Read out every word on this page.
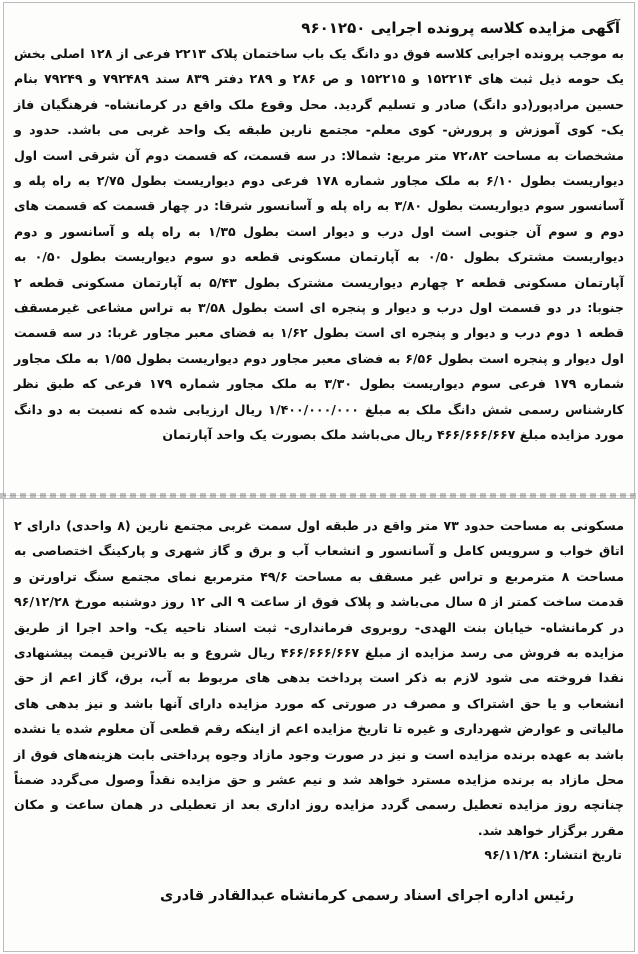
آگهی مزایده کلاسه پرونده اجرایی ۹۶۰۱۲۵۰

به موجب پرونده اجرایی کلاسه فوق دو دانگ یک باب ساختمان پلاک ۲۲۱۳ فرعی از ۱۲۸ اصلی بخش یک حومه ذیل ثبت های ۱۵۲۲۱۴ و ۱۵۲۲۱۵ و ص ۲۸۶ و ۲۸۹ دفتر ۸۳۹ سند ۷۹۲۴۸۹ و ۷۹۲۴۹ بنام حسین مرادپور(دو دانگ) صادر و تسلیم گردید. محل وقوع ملک واقع در کرمانشاه- فرهنگیان فاز یک- کوی آموزش و پرورش- کوی معلم- مجتمع نارین طبقه یک واحد غربی می باشد. حدود و مشخصات به مساحت ۷۲،۸۲ متر مربع: شمالا: در سه قسمت، که قسمت دوم آن شرقی است اول دیواریست بطول ۶/۱۰ به ملک مجاور شماره ۱۷۸ فرعی دوم دیواریست بطول ۲/۷۵ به راه پله و آسانسور سوم دیواریست بطول ۳/۸۰ به راه پله و آسانسور شرقا: در چهار قسمت که قسمت های دوم و سوم آن جنوبی است اول درب و دیوار است بطول ۱/۳۵ به راه پله و آسانسور و دوم دیواریست مشترک بطول ۰/۵۰ به آپارتمان مسکونی قطعه دو سوم دیواریست بطول ۰/۵۰ به آپارتمان مسکونی قطعه ۲ چهارم دیواریست مشترک بطول ۵/۴۳ به آپارتمان مسکونی قطعه ۲ جنوبا: در دو قسمت اول درب و دیوار و پنجره ای است بطول ۳/۵۸ به تراس مشاعی غیرمسقف قطعه ۱ دوم درب و دیوار و پنجره ای است بطول ۱/۶۲ به فضای معبر مجاور غربا: در سه قسمت اول دیوار و پنجره است بطول ۶/۵۶ به فضای معبر مجاور دوم دیواریست بطول ۱/۵۵ به ملک مجاور شماره ۱۷۹ فرعی سوم دیواریست بطول ۳/۳۰ به ملک مجاور شماره ۱۷۹ فرعی که طبق نظر کارشناس رسمی شش دانگ ملک به مبلغ ۱/۴۰۰/۰۰۰/۰۰۰ ریال ارزیابی شده که نسبت به دو دانگ مورد مزایده مبلغ ۴۶۶/۶۶۶/۶۶۷ ریال می‌باشد ملک بصورت یک واحد آپارتمان

مسکونی به مساحت حدود ۷۳ متر واقع در طبقه اول سمت غربی مجتمع نارین (۸ واحدی) دارای ۲ اتاق خواب و سرویس کامل و آسانسور و انشعاب آب و برق و گاز شهری و پارکینگ اختصاصی به مساحت ۸ مترمربع و تراس غیر مسقف به مساحت ۴۹/۶ مترمربع نمای مجتمع سنگ تراورتن و قدمت ساخت کمتر از ۵ سال می‌باشد و پلاک فوق از ساعت ۹ الی ۱۲ روز دوشنبه مورخ ۹۶/۱۲/۲۸ در کرمانشاه- خیابان بنت الهدی- روبروی فرمانداری- ثبت اسناد ناحیه یک- واحد اجرا از طریق مزایده به فروش می رسد مزایده از مبلغ ۴۶۶/۶۶۶/۶۶۷ ریال شروع و به بالاترین قیمت پیشنهادی نقدا فروخته می شود لازم به ذکر است پرداخت بدهی های مربوط به آب، برق، گاز اعم از حق انشعاب و یا حق اشتراک و مصرف در صورتی که مورد مزایده دارای آنها باشد و نیز بدهی های مالیاتی و عوارض شهرداری و غیره تا تاریخ مزایده اعم از اینکه رقم قطعی آن معلوم شده یا نشده باشد به عهده برنده مزایده است و نیز در صورت وجود مازاد وجوه پرداختی بابت هزینه‌های فوق از محل مازاد به برنده مزایده مسترد خواهد شد و نیم عشر و حق مزایده نقداً وصول می‌گردد ضمناً چنانچه روز مزایده تعطیل رسمی گردد مزایده روز اداری بعد از تعطیلی در همان ساعت و مکان مقرر برگزار خواهد شد.

تاریخ انتشار: ۹۶/۱۱/۲۸
رئیس اداره اجرای اسناد رسمی کرمانشاه عبدالقادر قادری
